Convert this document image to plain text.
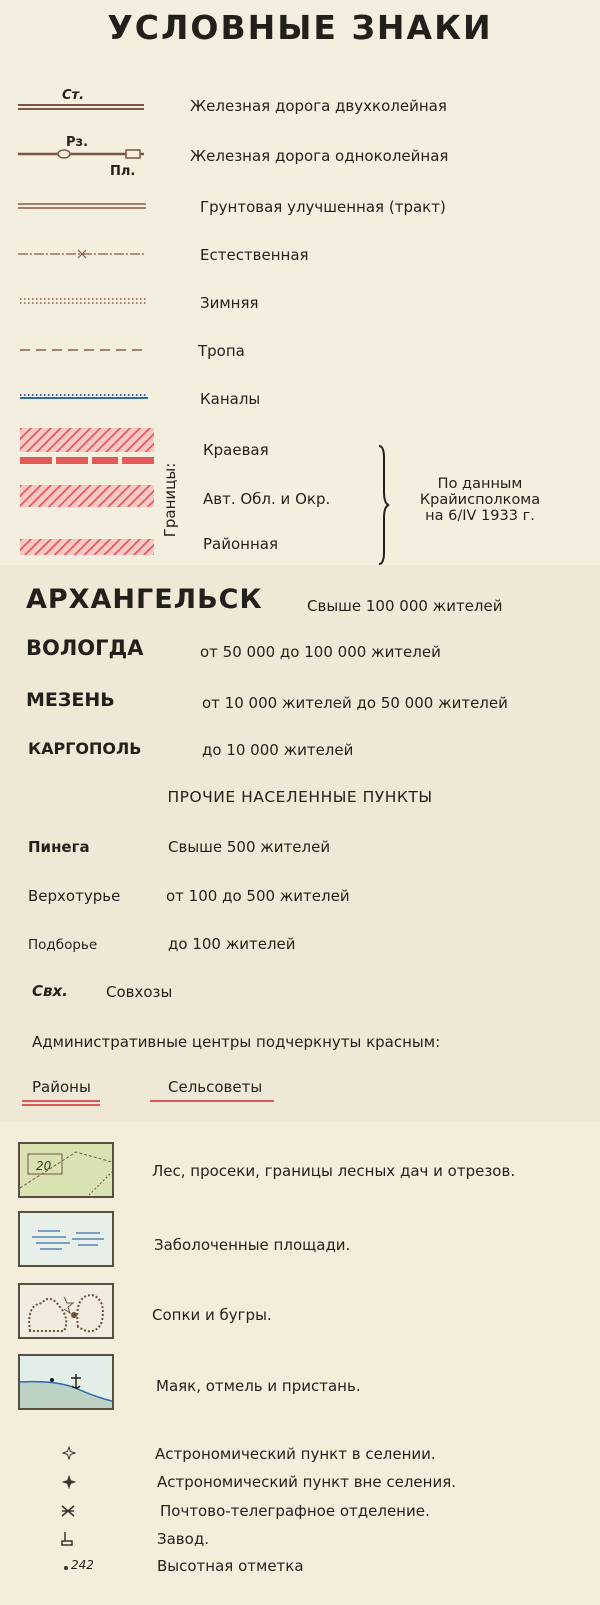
УСЛОВНЫЕ ЗНАКИ
Ст.
Железная дорога двухколейная
Рз.
Пл.
Железная дорога одноколейная
Грунтовая улучшенная (тракт)
Естественная
Зимняя
Тропа
Каналы
Краевая
Авт. Обл. и Окр.
Районная
Границы:	По данным
Крайисполкома
на 6/IV 1933 г.
АРХАНГЕЛЬСК	Свыше 100 000 жителей
ВОЛОГДА	от 50 000 до 100 000 жителей
МЕЗЕНЬ	от 10 000 жителей до 50 000 жителей
КАРГОПОЛЬ	до 10 000 жителей
ПРОЧИЕ НАСЕЛЕННЫЕ ПУНКТЫ
Пинега	Свыше 500 жителей
Верхотурье	от 100 до 500 жителей
Подборье	до 100 жителей
Свх.	Совхозы
Административные центры подчеркнуты красным:
Районы	Сельсоветы
20	Лес, просеки, границы лесных дач и отрезов.
Заболоченные площади.
Сопки и бугры.
Маяк, отмель и пристань.
Астрономический пункт в селении.
Астрономический пункт вне селения.
Почтово-телеграфное отделение.
Завод.
242	Высотная отметка
